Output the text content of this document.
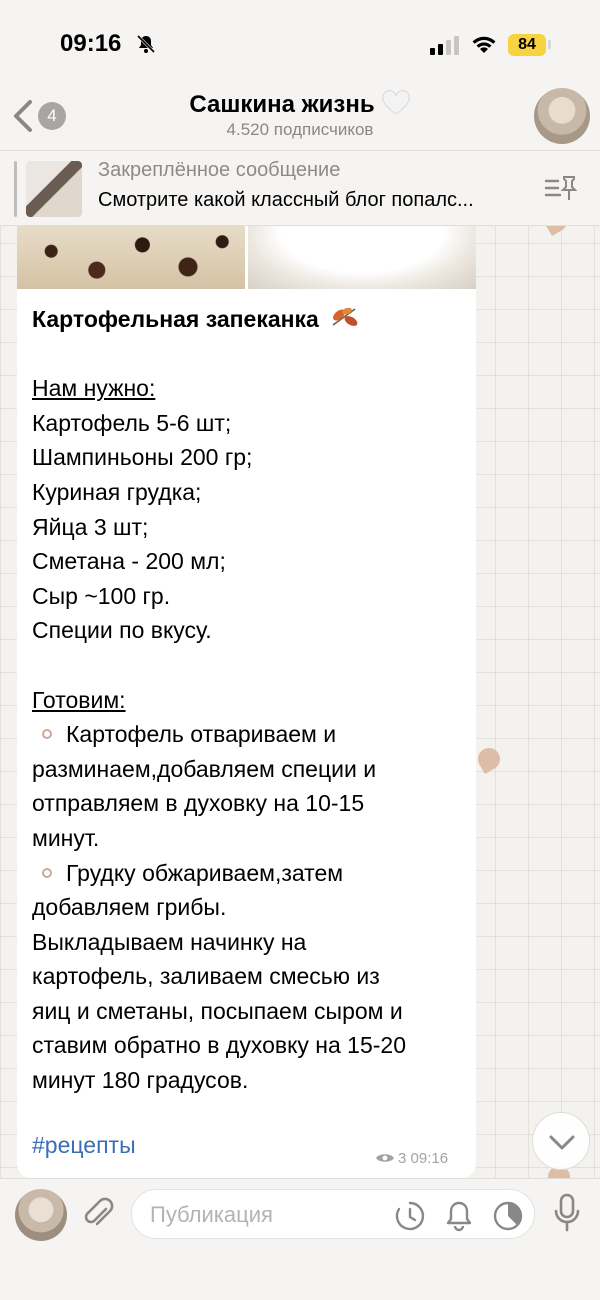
09:16	84
Сашкина жизнь
4.520 подписчиков
4
Закреплённое сообщение
Смотрите какой классный блог попалс...
Картофельная запеканка
Нам нужно:
Картофель 5-6 шт;
Шампиньоны 200 гр;
Куриная грудка;
Яйца 3 шт;
Сметана - 200 мл;
Сыр ~100 гр.
Специи по вкусу.
Готовим:
Картофель отвариваем и
разминаем,добавляем специи и
отправляем в духовку на 10-15
минут.
Грудку обжариваем,затем
добавляем грибы.
Выкладываем начинку на
картофель, заливаем смесью из
яиц и сметаны, посыпаем сыром и
ставим обратно в духовку на 15-20
минут 180 градусов.
#рецепты
3 09:16
Публикация
